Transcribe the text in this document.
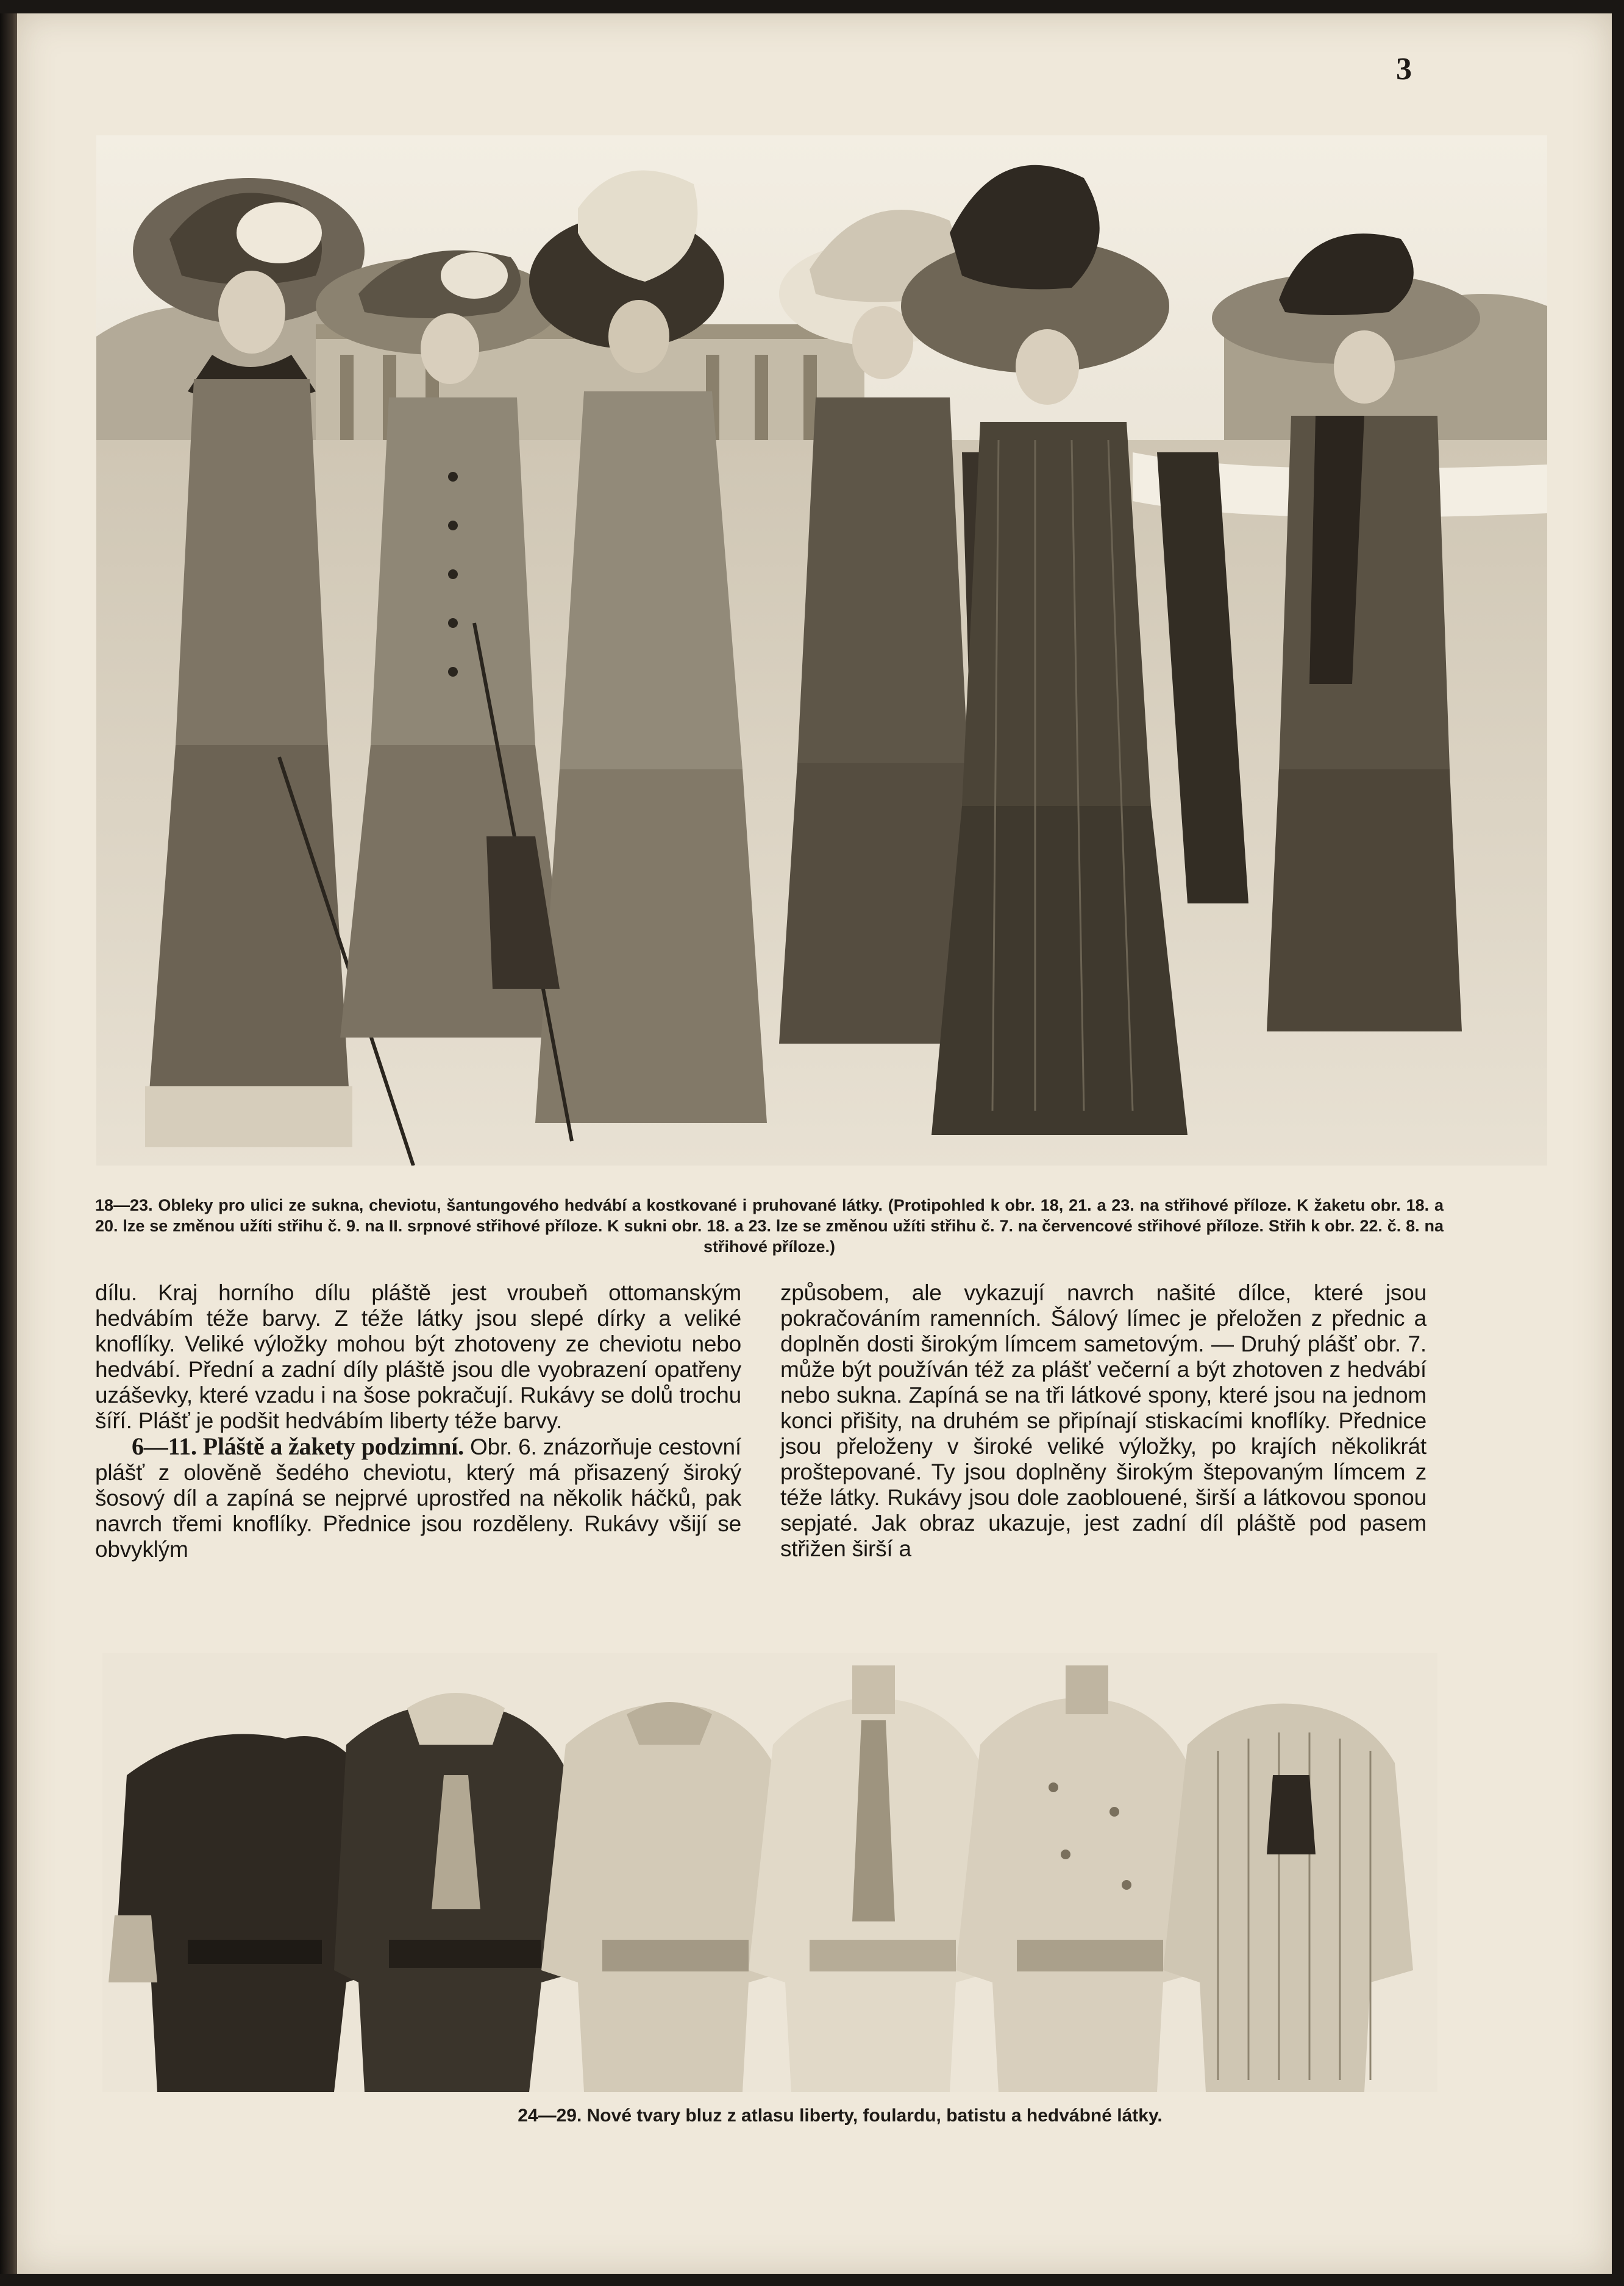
3
18—23. Obleky pro ulici ze sukna, cheviotu, šantungového hedvábí a kostkované i pruhované látky. (Protipohled k obr. 18, 21. a 23. na střihové příloze. K žaketu obr. 18. a 20. lze se změnou užíti střihu č. 9. na II. srpnové střihové příloze. K sukni obr. 18. a 23. lze se změnou užíti střihu č. 7. na červencové střihové příloze. Střih k obr. 22. č. 8. na střihové příloze.)

dílu. Kraj horního dílu pláště jest vroubeň ottomanským hedvábím téže barvy. Z téže látky jsou slepé dírky a veliké knoflíky. Veliké výložky mohou být zhotoveny ze cheviotu nebo hedvábí. Přední a zadní díly pláště jsou dle vyobrazení opatřeny uzáševky, které vzadu i na šose pokračují. Rukávy se dolů trochu šíří. Plášť je podšit hedvábím liberty téže barvy.

6—11. Pláště a žakety podzimní. Obr. 6. znázorňuje cestovní plášť z olověně šedého cheviotu, který má přisazený široký šosový díl a zapíná se nejprvé uprostřed na několik háčků, pak navrch třemi knoflíky. Přednice jsou rozděleny. Rukávy všijí se obvyklým

způsobem, ale vykazují navrch našité dílce, které jsou pokračováním ramenních. Šálový límec je přeložen z přednic a doplněn dosti širokým límcem sametovým. — Druhý plášť obr. 7. může být používán též za plášť večerní a být zhotoven z hedvábí nebo sukna. Zapíná se na tři látkové spony, které jsou na jednom konci přišity, na druhém se připínají stiskacími knoflíky. Přednice jsou přeloženy v široké veliké výložky, po krajích několikrát proštepované. Ty jsou doplněny širokým štepovaným límcem z téže látky. Rukávy jsou dole zaoblouené, širší a látkovou sponou sepjaté. Jak obraz ukazuje, jest zadní díl pláště pod pasem střižen širší a

24—29. Nové tvary bluz z atlasu liberty, foulardu, batistu a hedvábné látky.
